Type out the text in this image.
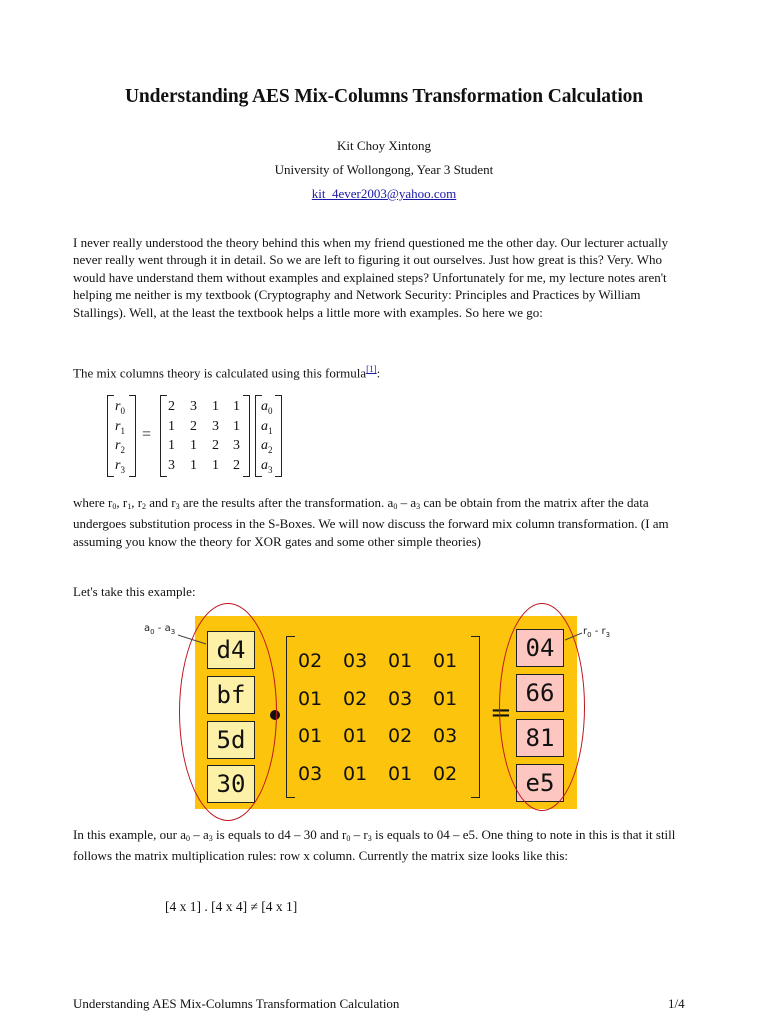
Understanding AES Mix-Columns Transformation Calculation
Kit Choy Xintong
University of Wollongong, Year 3 Student
kit_4ever2003@yahoo.com
I never really understood the theory behind this when my friend questioned me the other day. Our lecturer actually never really went through it in detail. So we are left to figuring it out ourselves. Just how great is this? Very. Who would have understand them without examples and explained steps? Unfortunately for me, my lecture notes aren't helping me neither is my textbook (Cryptography and Network Security: Principles and Practices by William Stallings). Well, at the least the textbook helps a little more with examples. So here we go:
The mix columns theory is calculated using this formula[1]:
$r_0$
$r_1$
$r_2$
$r_3$
=
2
1
1
3
3
2
1
1
1
3
2
1
1
1
3
2
$a_0$
$a_1$
$a_2$
$a_3$
where $r_0$, $r_1$, $r_2$ and $r_3$ are the results after the transformation. $a_0 - a_3$ can be obtain from the matrix after the data undergoes substitution process in the S-Boxes. We will now discuss the forward mix column transformation. (I am assuming you know the theory for XOR gates and some other simple theories)
Let's take this example:
$a_0 - a_3$	$r_0 - r_3$
d4
bf
5d
30
02 03 01 01
01 02 03 01
01 01 02 03
03 01 01 02
=
04
66
81
e5
In this example, our $a_0 - a_3$ is equals to d4 – 30 and $r_0 - r_3$ is equals to 04 – e5. One thing to note in this is that it still follows the matrix multiplication rules: row x column. Currently the matrix size looks like this:
[4 x 1] . [4 x 4] ≠ [4 x 1]
Understanding AES Mix-Columns Transformation Calculation	1/4
